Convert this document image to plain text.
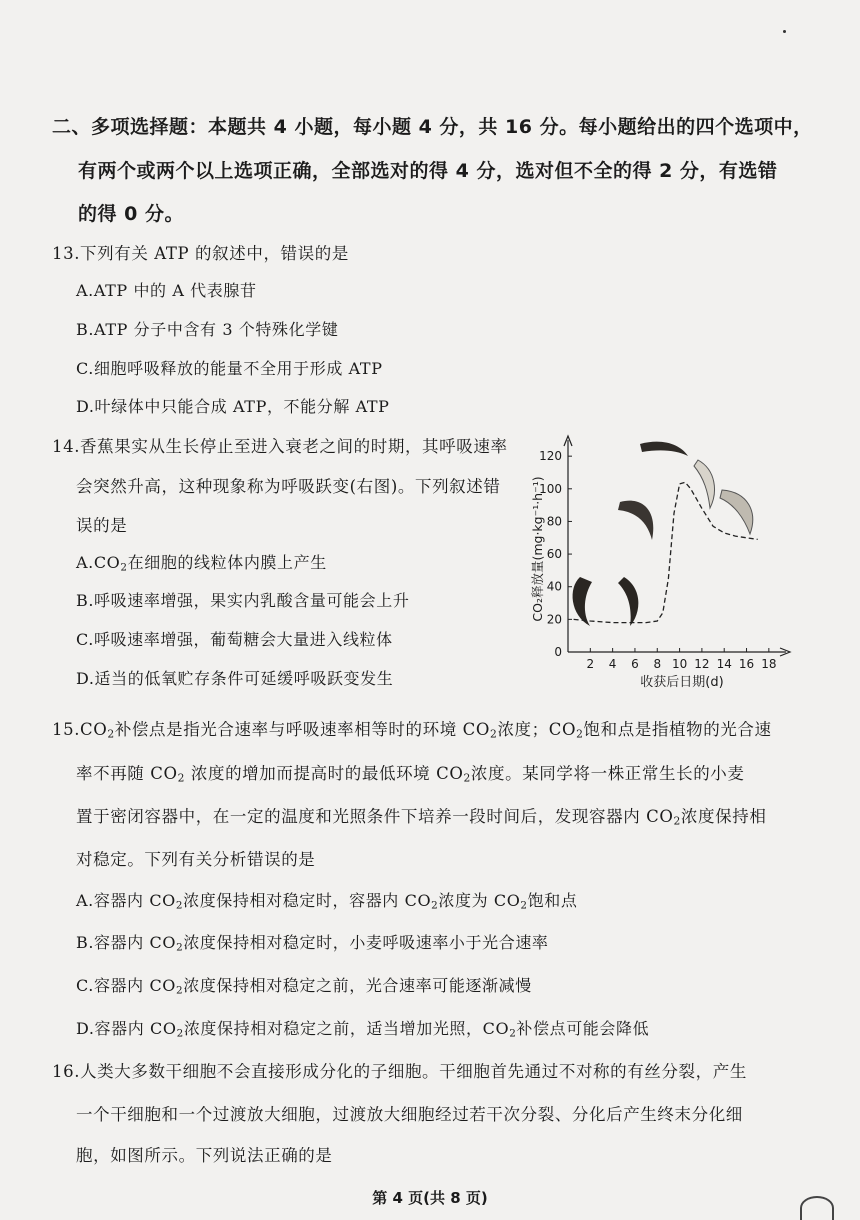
二、多项选择题：本题共 4 小题，每小题 4 分，共 16 分。每小题给出的四个选项中，
有两个或两个以上选项正确，全部选对的得 4 分，选对但不全的得 2 分，有选错
的得 0 分。
13.下列有关 ATP 的叙述中，错误的是
A.ATP 中的 A 代表腺苷
B.ATP 分子中含有 3 个特殊化学键
C.细胞呼吸释放的能量不全用于形成 ATP
D.叶绿体中只能合成 ATP，不能分解 ATP
14.香蕉果实从生长停止至进入衰老之间的时期，其呼吸速率
会突然升高，这种现象称为呼吸跃变(右图)。下列叙述错
误的是
$A.CO_2$在细胞的线粒体内膜上产生
B.呼吸速率增强，果实内乳酸含量可能会上升
C.呼吸速率增强，葡萄糖会大量进入线粒体
D.适当的低氧贮存条件可延缓呼吸跃变发生
0
20
40
60
80
100
120
2 4 6 8 10 12 14 16 18
收获后日期(d)
CO₂释放量(mg·kg⁻¹·h⁻¹)
$15.CO_2$补偿点是指光合速率与呼吸速率相等时的环境 $CO_2$浓度；$CO_2$饱和点是指植物的光合速
率不再随 $CO_2$ 浓度的增加而提高时的最低环境 $CO_2$浓度。某同学将一株正常生长的小麦
置于密闭容器中，在一定的温度和光照条件下培养一段时间后，发现容器内 $CO_2$浓度保持相
对稳定。下列有关分析错误的是
A.容器内 $CO_2$浓度保持相对稳定时，容器内 $CO_2$浓度为 $CO_2$饱和点
B.容器内 $CO_2$浓度保持相对稳定时，小麦呼吸速率小于光合速率
C.容器内 $CO_2$浓度保持相对稳定之前，光合速率可能逐渐减慢
D.容器内 $CO_2$浓度保持相对稳定之前，适当增加光照，$CO_2$补偿点可能会降低
16.人类大多数干细胞不会直接形成分化的子细胞。干细胞首先通过不对称的有丝分裂，产生
一个干细胞和一个过渡放大细胞，过渡放大细胞经过若干次分裂、分化后产生终末分化细
胞，如图所示。下列说法正确的是
第 4 页(共 8 页)
